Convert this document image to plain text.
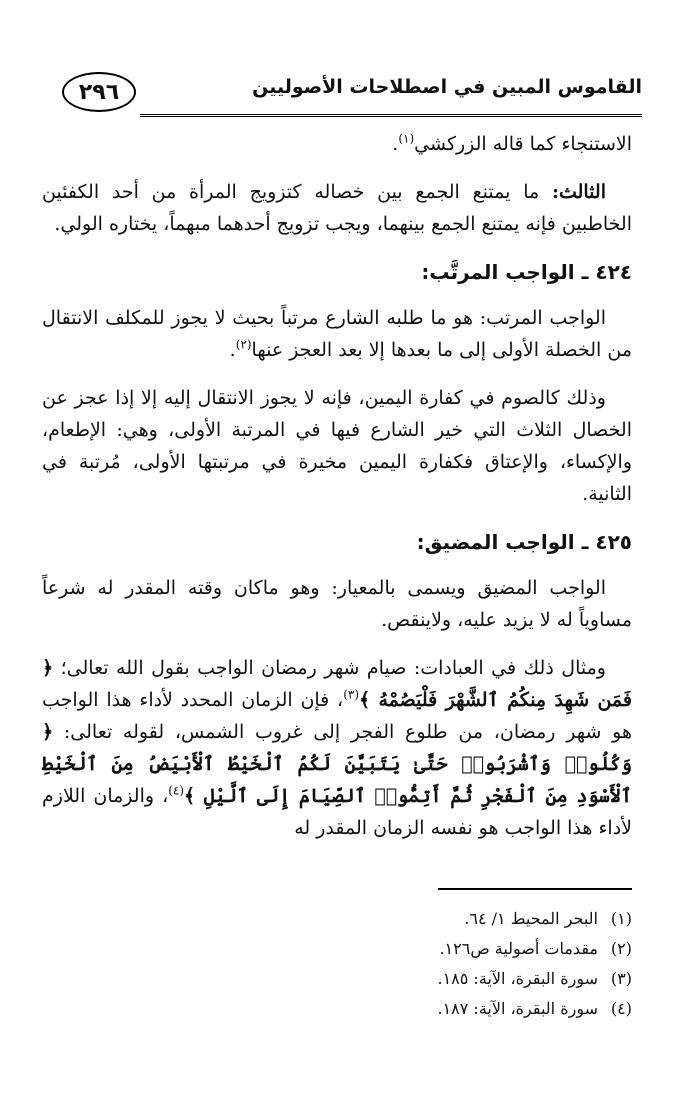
٢٩٦	القاموس المبين في اصطلاحات الأصوليين

الاستنجاء كما قاله الزركشي$^{(١)}$.

الثالث: ما يمتنع الجمع بين خصاله كتزويج المرأة من أحد الكفئين الخاطبين فإنه يمتنع الجمع بينهما، ويجب تزويج أحدهما مبهماً، يختاره الولي.

٤٢٤ ـ الواجب المرتَّب:

الواجب المرتب: هو ما طلبه الشارع مرتباً بحيث لا يجوز للمكلف الانتقال من الخصلة الأولى إلى ما بعدها إلا بعد العجز عنها$^{(٢)}$.

وذلك كالصوم في كفارة اليمين، فإنه لا يجوز الانتقال إليه إلا إذا عجز عن الخصال الثلاث التي خير الشارع فيها في المرتبة الأولى، وهي: الإطعام، والإكساء، والإعتاق فكفارة اليمين مخيرة في مرتبتها الأولى، مُرتبة في الثانية.

٤٢٥ ـ الواجب المضيق:

الواجب المضيق ويسمى بالمعيار: وهو ماكان وقته المقدر له شرعاً مساوياً له لا يزيد عليه، ولاينقص.

ومثال ذلك في العبادات: صيام شهر رمضان الواجب بقول الله تعالى؛ ﴿ فَمَن شَهِدَ مِنكُمُ ٱلشَّهْرَ فَلْيَصُمْهُ ﴾$^{(٣)}$، فإن الزمان المحدد لأداء هذا الواجب هو شهر رمضان، من طلوع الفجر إلى غروب الشمس، لقوله تعالى: ﴿ وَكُلُوا۟ وَٱشْرَبُوا۟ حَتَّىٰ يَتَبَيَّنَ لَكُمُ ٱلْخَيْطُ ٱلْأَبْيَضُ مِنَ ٱلْخَيْطِ ٱلْأَسْوَدِ مِنَ ٱلْفَجْرِ ثُمَّ أَتِمُّوا۟ ٱلصِّيَامَ إِلَى ٱلَّيْلِ ﴾$^{(٤)}$، والزمان اللازم لأداء هذا الواجب هو نفسه الزمان المقدر له

(١)البحر المحيط ١/ ٦٤.
(٢)مقدمات أصولية ص١٢٦.
(٣)سورة البقرة، الآية: ١٨٥.
(٤)سورة البقرة، الآية: ١٨٧.
